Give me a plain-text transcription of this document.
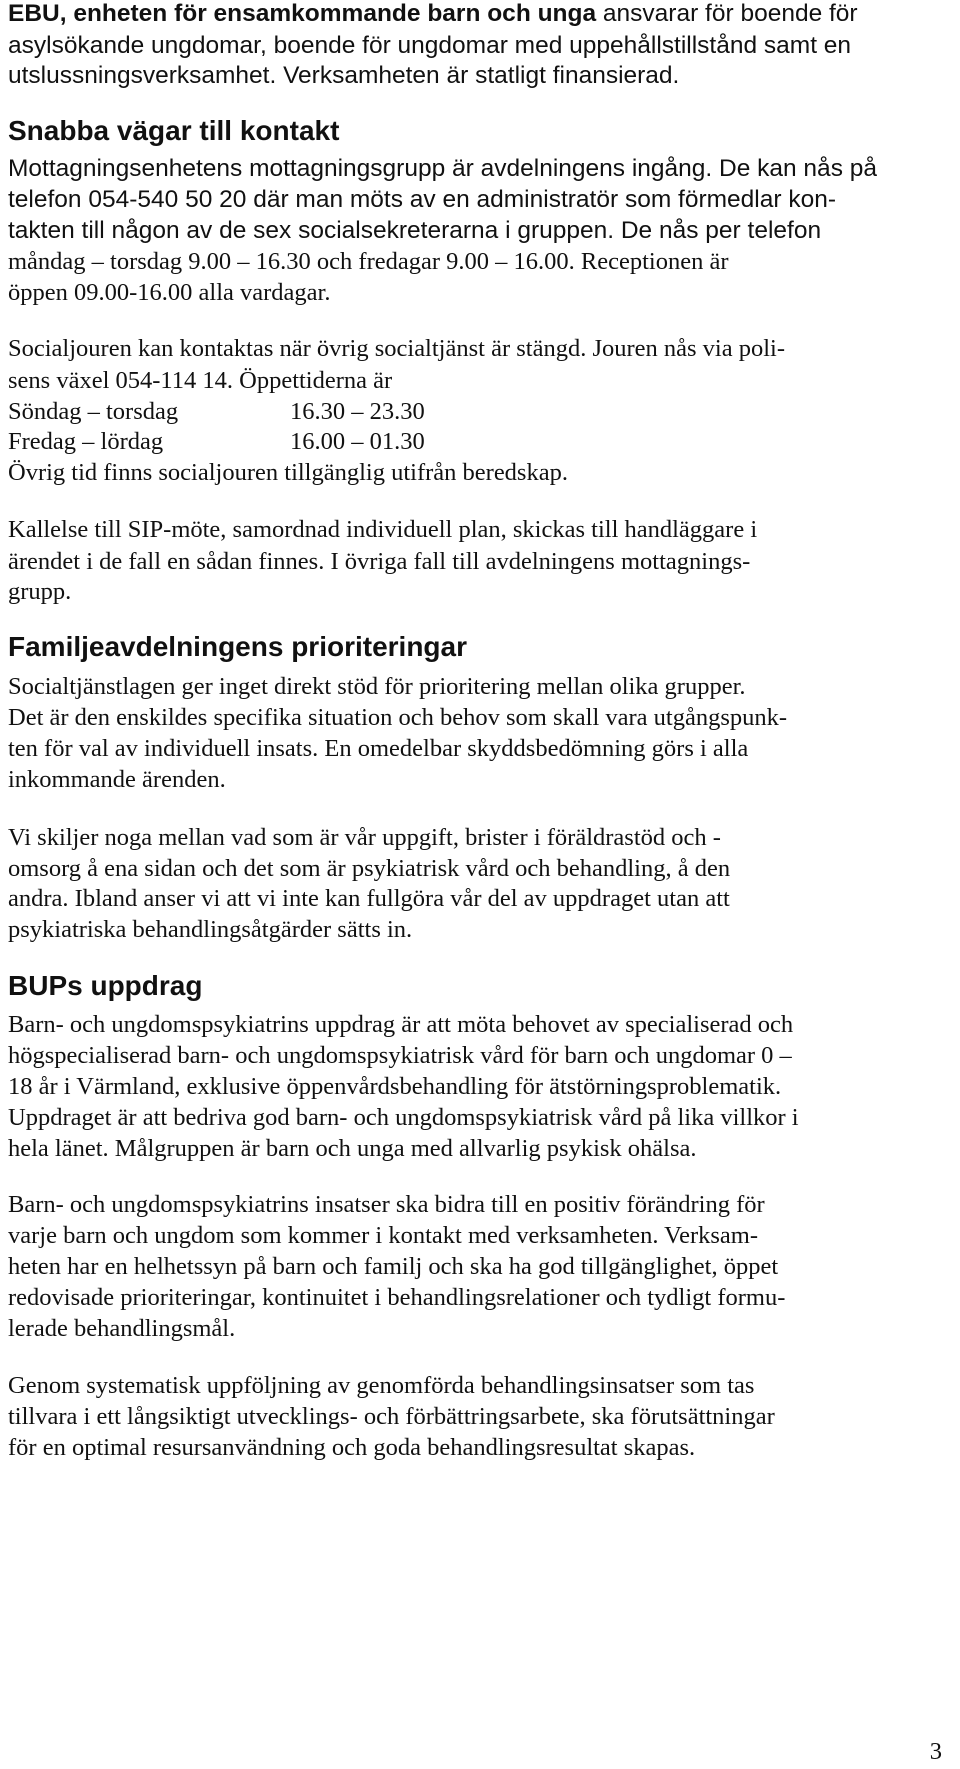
EBU, enheten för ensamkommande barn och unga ansvarar för boende för
asylsökande ungdomar, boende för ungdomar med uppehållstillstånd samt en
utslussningsverksamhet. Verksamheten är statligt finansierad.
Snabba vägar till kontakt
Mottagningsenhetens mottagningsgrupp är avdelningens ingång. De kan nås på
telefon 054-540 50 20 där man möts av en administratör som förmedlar kon-
takten till någon av de sex socialsekreterarna i gruppen. De nås per telefon
måndag – torsdag 9.00 – 16.30 och fredagar 9.00 – 16.00. Receptionen är
öppen 09.00-16.00 alla vardagar.
Socialjouren kan kontaktas när övrig socialtjänst är stängd. Jouren nås via poli-
sens växel 054-114 14. Öppettiderna är
Söndag – torsdag	16.30 – 23.30
Fredag – lördag	16.00 – 01.30
Övrig tid finns socialjouren tillgänglig utifrån beredskap.
Kallelse till SIP-möte, samordnad individuell plan, skickas till handläggare i
ärendet i de fall en sådan finnes. I övriga fall till avdelningens mottagnings-
grupp.
Familjeavdelningens prioriteringar
Socialtjänstlagen ger inget direkt stöd för prioritering mellan olika grupper.
Det är den enskildes specifika situation och behov som skall vara utgångspunk-
ten för val av individuell insats. En omedelbar skyddsbedömning görs i alla
inkommande ärenden.
Vi skiljer noga mellan vad som är vår uppgift, brister i föräldrastöd och -
omsorg å ena sidan och det som är psykiatrisk vård och behandling, å den
andra. Ibland anser vi att vi inte kan fullgöra vår del av uppdraget utan att
psykiatriska behandlingsåtgärder sätts in.
BUPs uppdrag
Barn- och ungdomspsykiatrins uppdrag är att möta behovet av specialiserad och
högspecialiserad barn- och ungdomspsykiatrisk vård för barn och ungdomar 0 –
18 år i Värmland, exklusive öppenvårdsbehandling för ätstörningsproblematik.
Uppdraget är att bedriva god barn- och ungdomspsykiatrisk vård på lika villkor i
hela länet. Målgruppen är barn och unga med allvarlig psykisk ohälsa.
Barn- och ungdomspsykiatrins insatser ska bidra till en positiv förändring för
varje barn och ungdom som kommer i kontakt med verksamheten. Verksam-
heten har en helhetssyn på barn och familj och ska ha god tillgänglighet, öppet
redovisade prioriteringar, kontinuitet i behandlingsrelationer och tydligt formu-
lerade behandlingsmål.
Genom systematisk uppföljning av genomförda behandlingsinsatser som tas
tillvara i ett långsiktigt utvecklings- och förbättringsarbete, ska förutsättningar
för en optimal resursanvändning och goda behandlingsresultat skapas.
3
